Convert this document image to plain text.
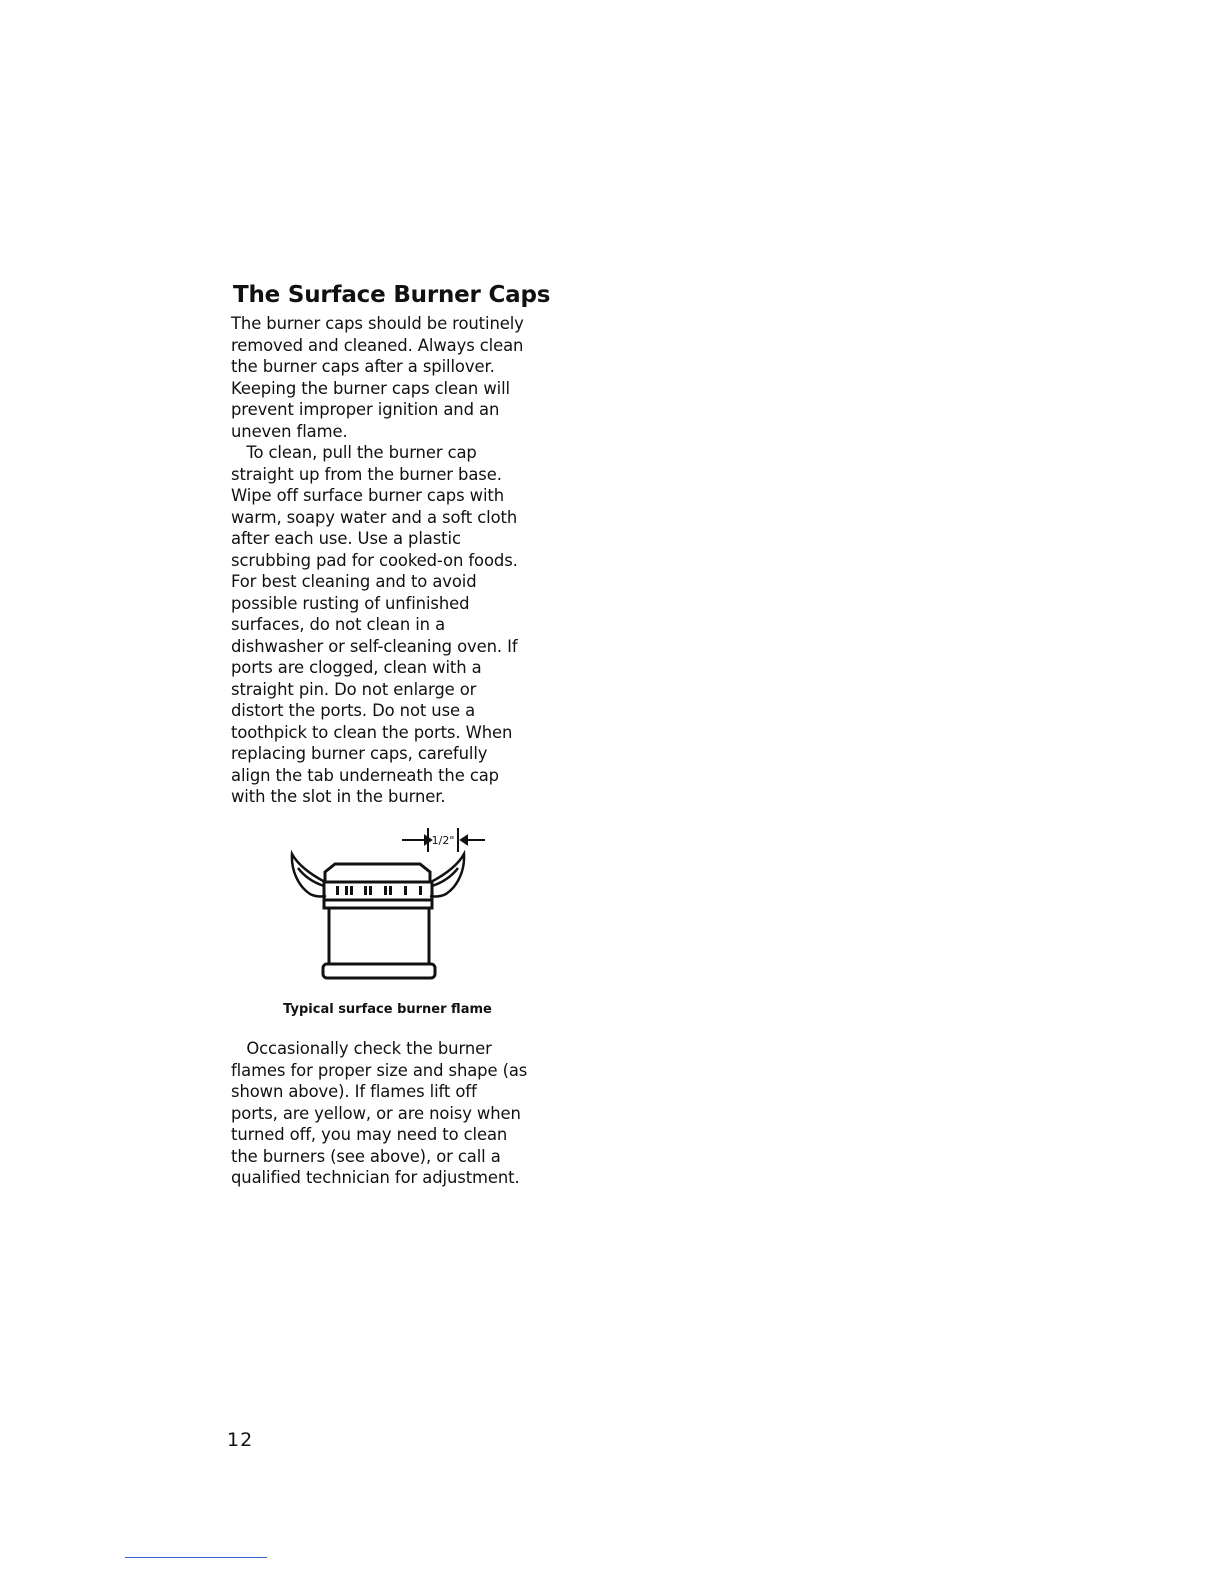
The Surface Burner Caps
The burner caps should be routinely
removed and cleaned. Always clean
the burner caps after a spillover.
Keeping the burner caps clean will
prevent improper ignition and an
uneven flame.
To clean, pull the burner cap
straight up from the burner base.
Wipe off surface burner caps with
warm, soapy water and a soft cloth
after each use. Use a plastic
scrubbing pad for cooked-on foods.
For best cleaning and to avoid
possible rusting of unfinished
surfaces, do not clean in a
dishwasher or self-cleaning oven. If
ports are clogged, clean with a
straight pin. Do not enlarge or
distort the ports. Do not use a
toothpick to clean the ports. When
replacing burner caps, carefully
align the tab underneath the cap
with the slot in the burner.
1/2"
Typical surface burner flame
Occasionally check the burner
flames for proper size and shape (as
shown above). If flames lift off
ports, are yellow, or are noisy when
turned off, you may need to clean
the burners (see above), or call a
qualified technician for adjustment.
12
